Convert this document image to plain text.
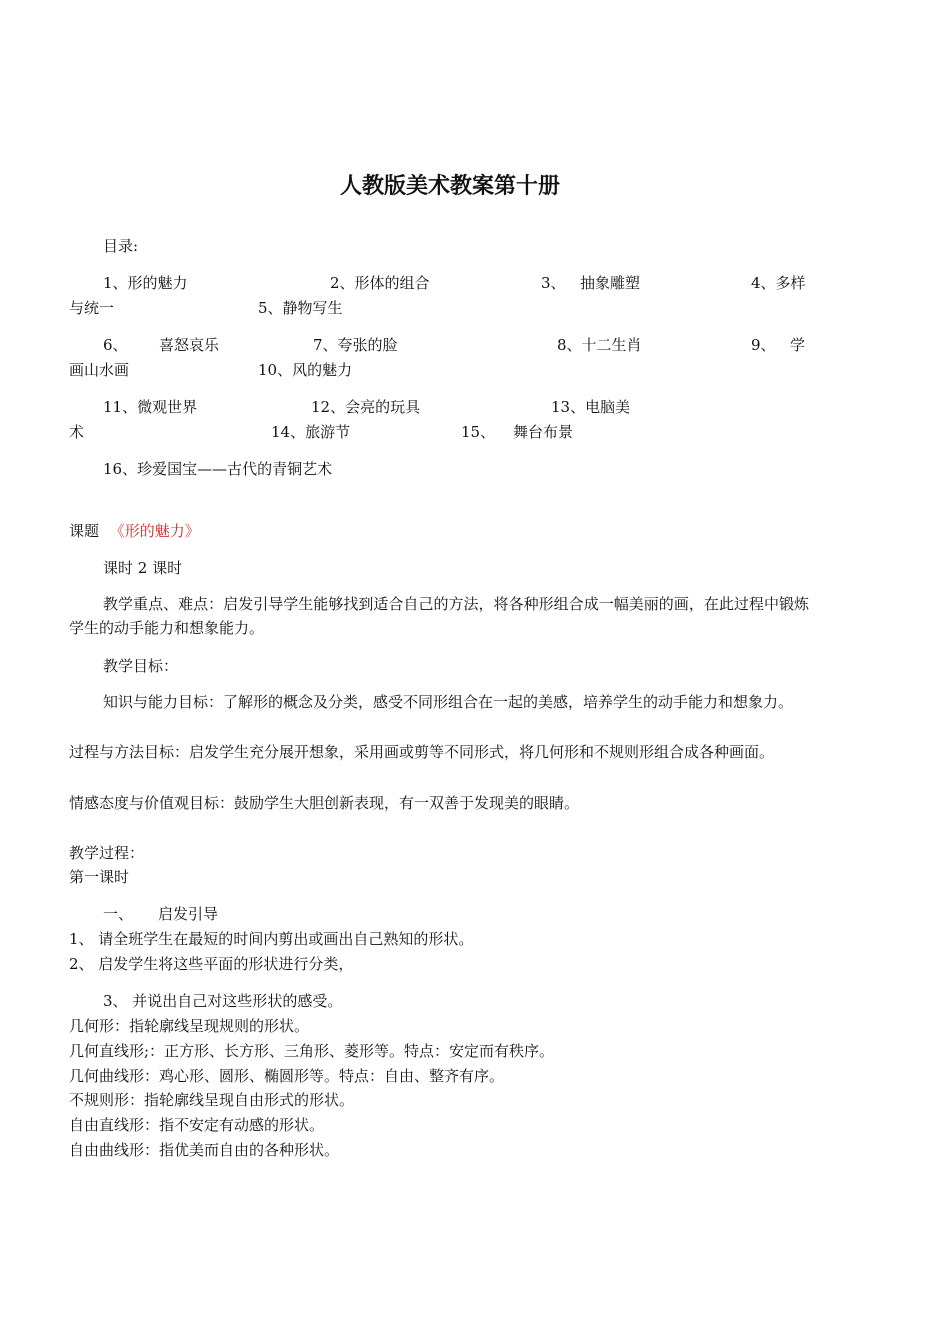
人教版美术教案第十册
目录:
1、形的魅力	2、形体的组合	3、 抽象雕塑	4、多样
与统一	5、静物写生
6、 喜怒哀乐	7、夸张的脸	8、十二生肖	9、 学
画山水画	10、风的魅力
11、微观世界	12、会亮的玩具	13、电脑美
术	14、旅游节	15、 舞台布景
16、珍爱国宝——古代的青铜艺术
课题 《形的魅力》
课时 2 课时
教学重点、难点：启发引导学生能够找到适合自己的方法，将各种形组合成一幅美丽的画，在此过程中锻炼学生的动手能力和想象能力。
教学目标：
知识与能力目标：了解形的概念及分类，感受不同形组合在一起的美感，培养学生的动手能力和想象力。
过程与方法目标：启发学生充分展开想象，采用画或剪等不同形式，将几何形和不规则形组合成各种画面。
情感态度与价值观目标：鼓励学生大胆创新表现，有一双善于发现美的眼睛。
教学过程：
第一课时
一、 启发引导
1、 请全班学生在最短的时间内剪出或画出自己熟知的形状。
2、 启发学生将这些平面的形状进行分类，
3、 并说出自己对这些形状的感受。
几何形：指轮廓线呈现规则的形状。
几何直线形;：正方形、长方形、三角形、菱形等。特点：安定而有秩序。
几何曲线形：鸡心形、圆形、椭圆形等。特点：自由、整齐有序。
不规则形：指轮廓线呈现自由形式的形状。
自由直线形：指不安定有动感的形状。
自由曲线形：指优美而自由的各种形状。
